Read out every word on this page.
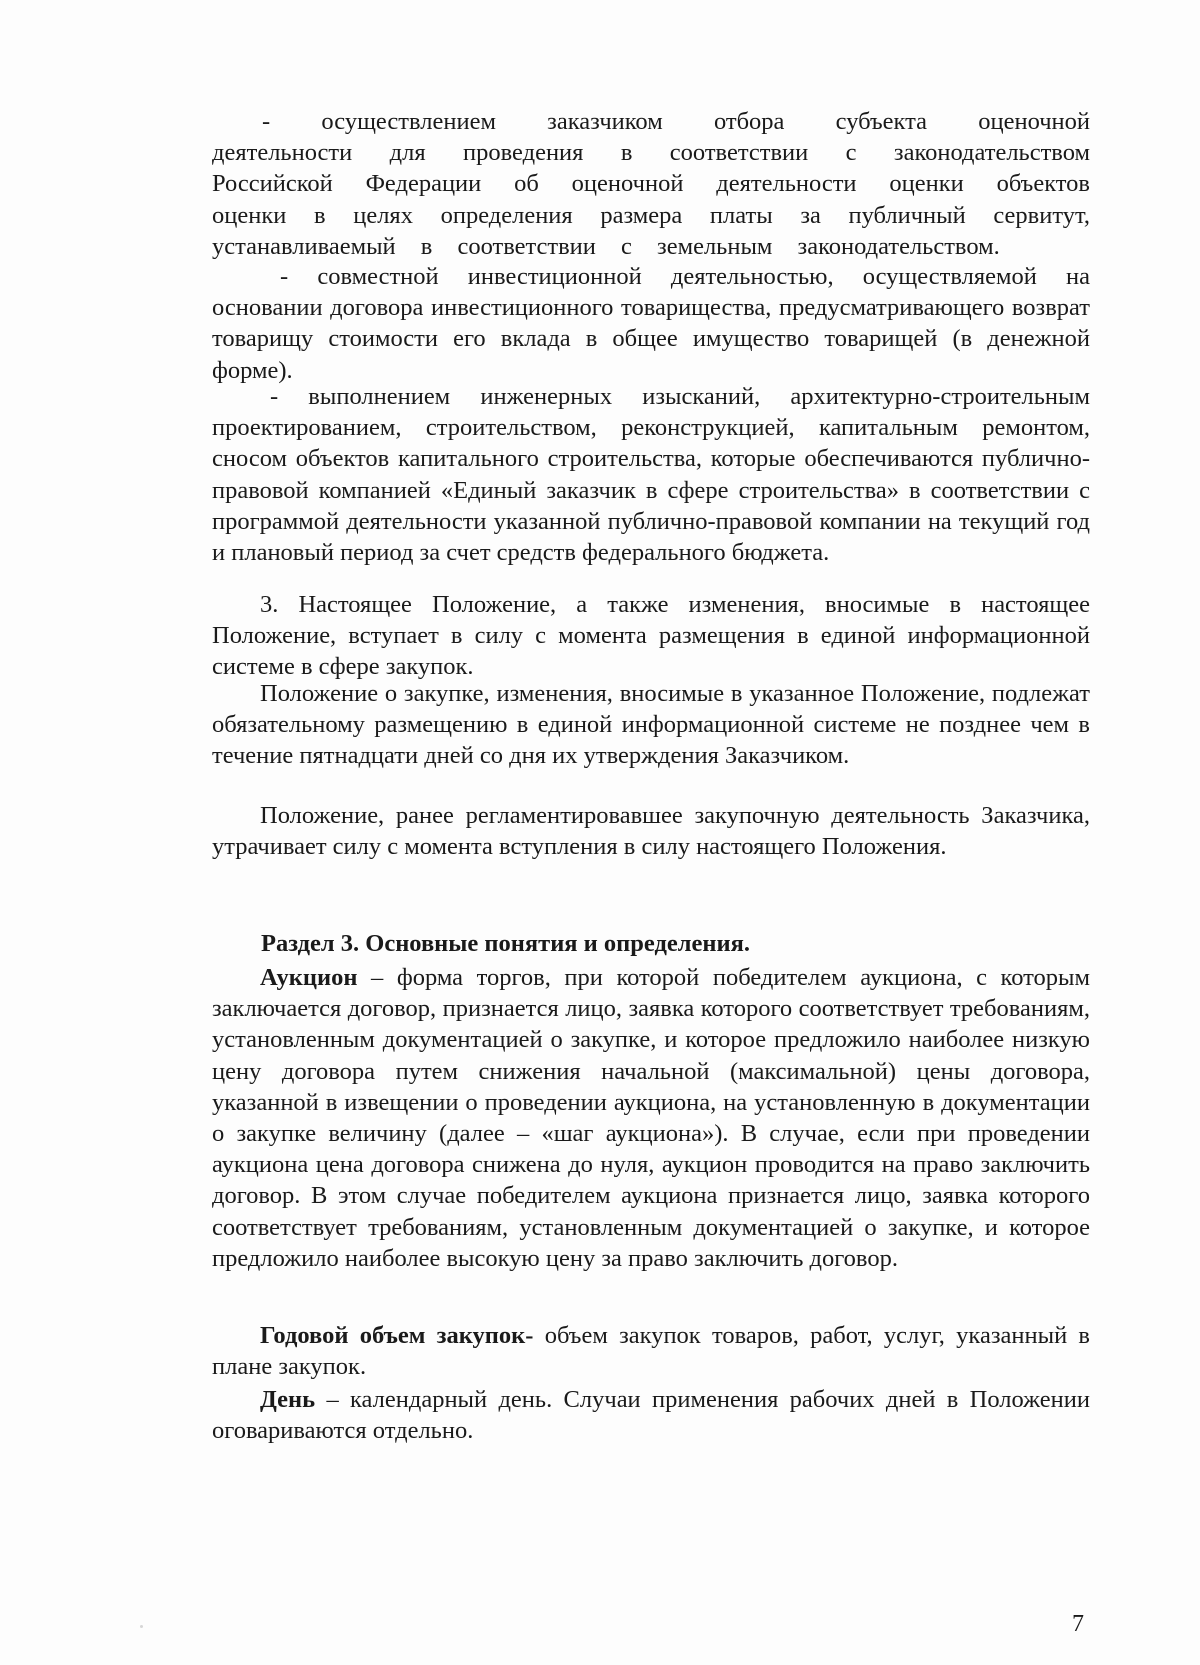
- осуществлением заказчиком отбора субъекта оценочной деятельности для проведения в соответствии с законодательством Российской Федерации об оценочной деятельности оценки объектов оценки в целях определения размера платы за публичный сервитут, устанавливаемый в соответствии с земельным законодательством.

- совместной инвестиционной деятельностью, осуществляемой на основании договора инвестиционного товарищества, предусматривающего возврат товарищу стоимости его вклада в общее имущество товарищей (в денежной форме).

- выполнением инженерных изысканий, архитектурно-строительным проектированием, строительством, реконструкцией, капитальным ремонтом, сносом объектов капитального строительства, которые обеспечиваются публично-правовой компанией «Единый заказчик в сфере строительства» в соответствии с программой деятельности указанной публично-правовой компании на текущий год и плановый период за счет средств федерального бюджета.

3. Настоящее Положение, а также изменения, вносимые в настоящее Положение, вступает в силу с момента размещения в единой информационной системе в сфере закупок.

Положение о закупке, изменения, вносимые в указанное Положение, подлежат обязательному размещению в единой информационной системе не позднее чем в течение пятнадцати дней со дня их утверждения Заказчиком.

Положение, ранее регламентировавшее закупочную деятельность Заказчика, утрачивает силу с момента вступления в силу настоящего Положения.

Раздел 3. Основные понятия и определения.

Аукцион – форма торгов, при которой победителем аукциона, с которым заключается договор, признается лицо, заявка которого соответствует требованиям, установленным документацией о закупке, и которое предложило наиболее низкую цену договора путем снижения начальной (максимальной) цены договора, указанной в извещении о проведении аукциона, на установленную в документации о закупке величину (далее – «шаг аукциона»). В случае, если при проведении аукциона цена договора снижена до нуля, аукцион проводится на право заключить договор. В этом случае победителем аукциона признается лицо, заявка которого соответствует требованиям, установленным документацией о закупке, и которое предложило наиболее высокую цену за право заключить договор.

Годовой объем закупок- объем закупок товаров, работ, услуг, указанный в плане закупок.

День – календарный день. Случаи применения рабочих дней в Положении оговариваются отдельно.

7
